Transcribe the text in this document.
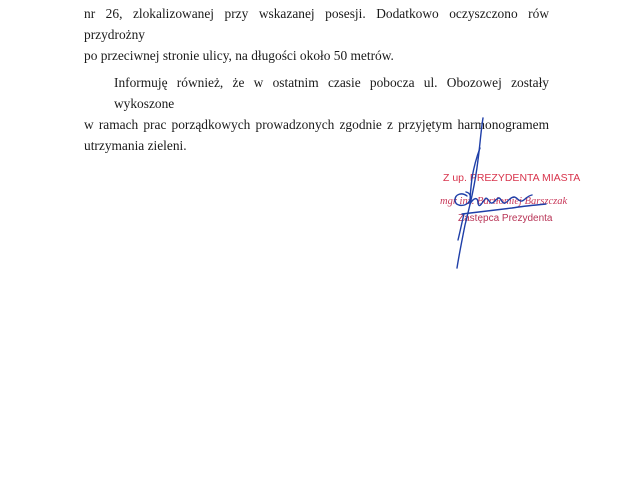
nr 26, zlokalizowanej przy wskazanej posesji. Dodatkowo oczyszczono rów przydrożny
po przeciwnej stronie ulicy, na długości około 50 metrów.

Informuję również, że w ostatnim czasie pobocza ul. Obozowej zostały wykoszone
w ramach prac porządkowych prowadzonych zgodnie z przyjętym harmonogramem
utrzymania zieleni.

Z up. PREZYDENTA MIASTA
mgr inż. Bartłomiej Barszczak
Zastępca Prezydenta
